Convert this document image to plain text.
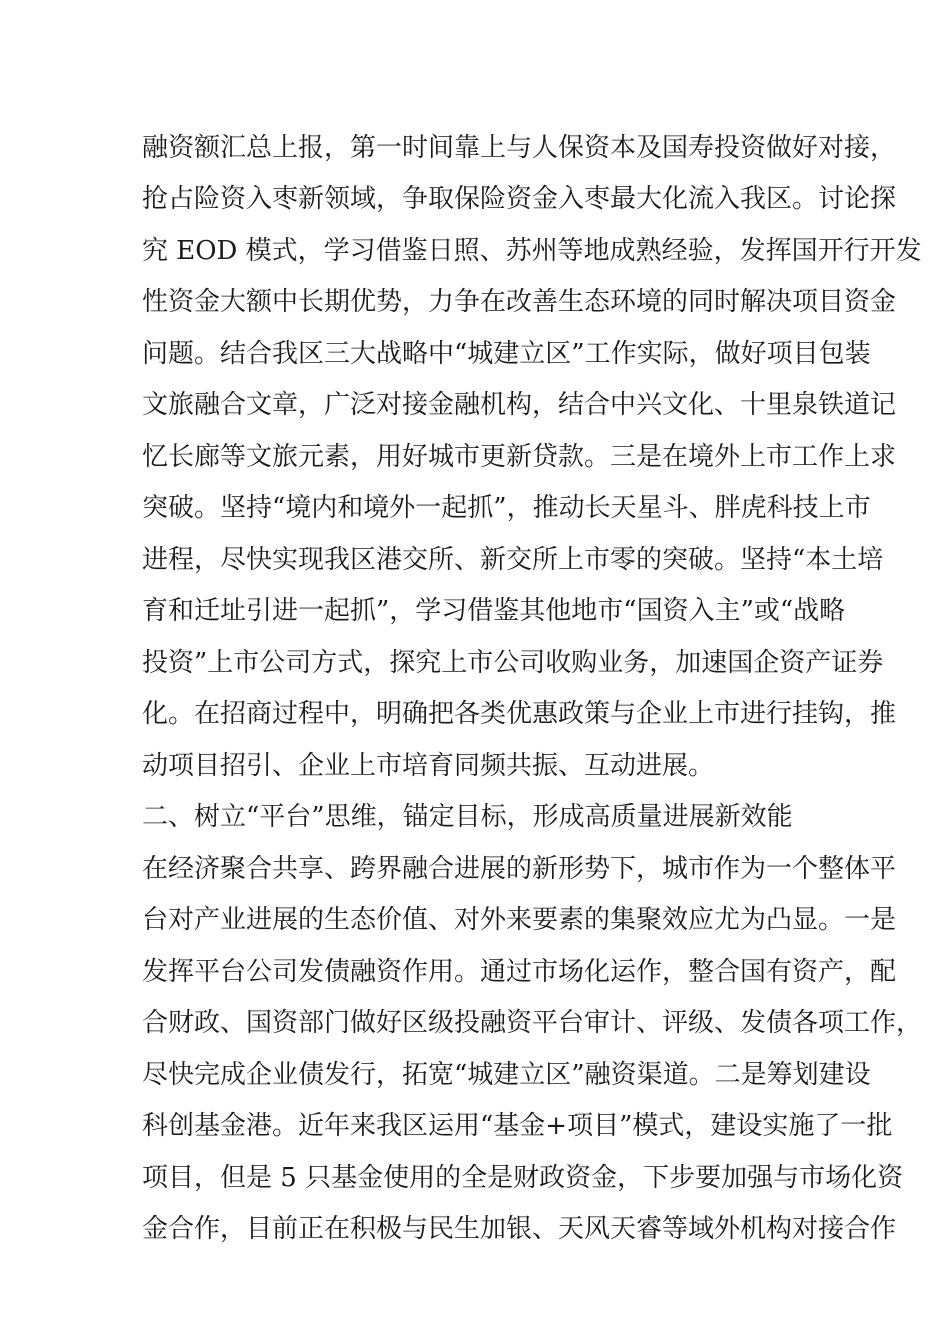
融资额汇总上报，第一时间靠上与人保资本及国寿投资做好对接，
抢占险资入枣新领域，争取保险资金入枣最大化流入我区。讨论探
究 EOD 模式，学习借鉴日照、苏州等地成熟经验，发挥国开行开发
性资金大额中长期优势，力争在改善生态环境的同时解决项目资金
问题。结合我区三大战略中“城建立区”工作实际，做好项目包装
文旅融合文章，广泛对接金融机构，结合中兴文化、十里泉铁道记
忆长廊等文旅元素，用好城市更新贷款。三是在境外上市工作上求
突破。坚持“境内和境外一起抓”，推动长天星斗、胖虎科技上市
进程，尽快实现我区港交所、新交所上市零的突破。坚持“本土培
育和迁址引进一起抓”，学习借鉴其他地市“国资入主”或“战略
投资”上市公司方式，探究上市公司收购业务，加速国企资产证券
化。在招商过程中，明确把各类优惠政策与企业上市进行挂钩，推
动项目招引、企业上市培育同频共振、互动进展。
二、树立“平台”思维，锚定目标，形成高质量进展新效能
在经济聚合共享、跨界融合进展的新形势下，城市作为一个整体平
台对产业进展的生态价值、对外来要素的集聚效应尤为凸显。一是
发挥平台公司发债融资作用。通过市场化运作，整合国有资产，配
合财政、国资部门做好区级投融资平台审计、评级、发债各项工作，
尽快完成企业债发行，拓宽“城建立区”融资渠道。二是筹划建设
科创基金港。近年来我区运用“基金+项目”模式，建设实施了一批
项目，但是 5 只基金使用的全是财政资金，下步要加强与市场化资
金合作，目前正在积极与民生加银、天风天睿等域外机构对接合作
